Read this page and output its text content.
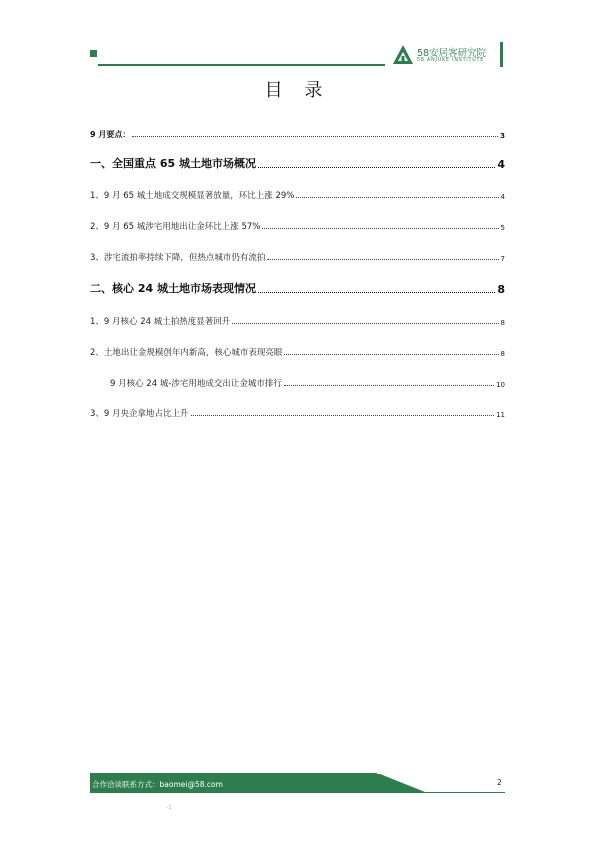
58安居客研究院
58 ANJUKE INSTITUTE
目 录
9 月要点：	3
一、全国重点 65 城土地市场概况	4
1、9 月 65 城土地成交规模显著放量，环比上涨 29%	4
2、9 月 65 城涉宅用地出让金环比上涨 57%	5
3、涉宅流拍率持续下降，但热点城市仍有流拍	7
二、核心 24 城土地市场表现情况	8
1、9 月核心 24 城土拍热度显著回升	8
2、土地出让金规模创年内新高，核心城市表现亮眼	8
9 月核心 24 城-涉宅用地成交出让金城市排行	10
3、9 月央企拿地占比上升	11
合作洽谈联系方式：baomei@58.com	2
-1
